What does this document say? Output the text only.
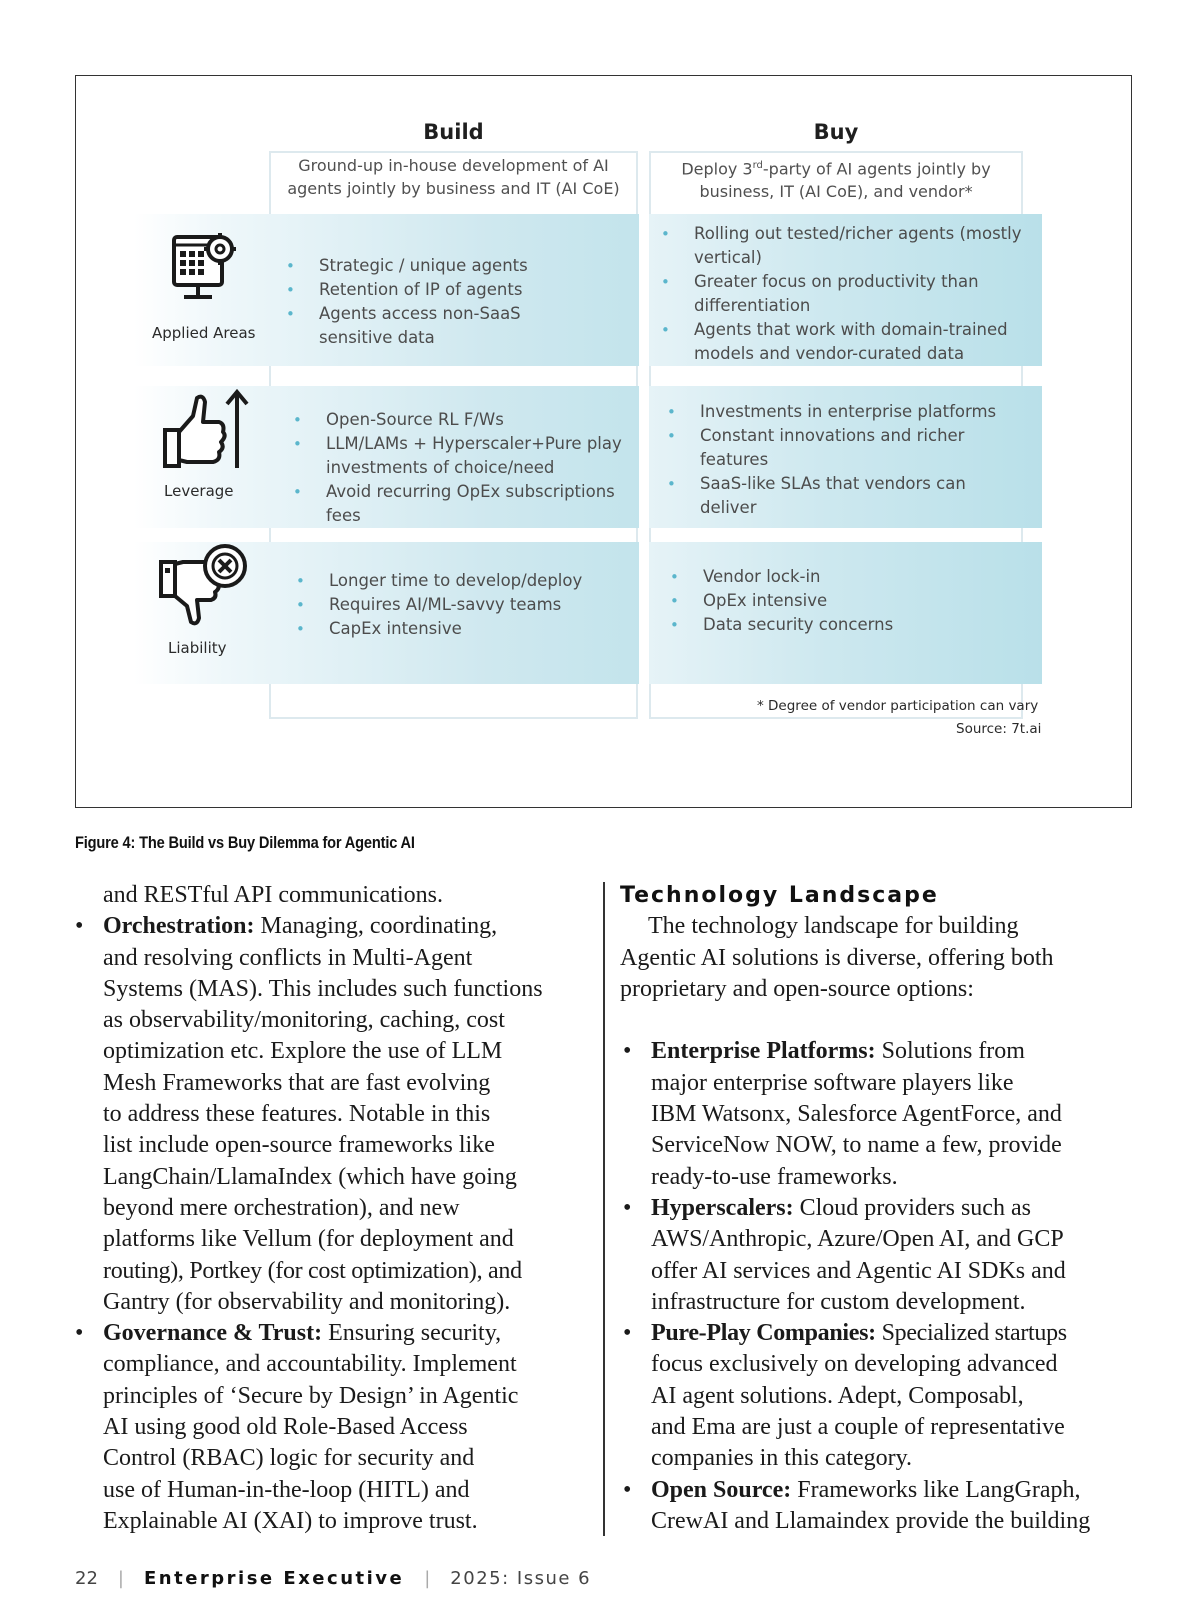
Build	Buy
Ground-up in-house development of AI
agents jointly by business and IT (AI CoE)
Deploy 3rd-party of AI agents jointly by
business, IT (AI CoE), and vendor*
Applied Areas
Leverage
Liability
• Strategic / unique agents
• Retention of IP of agents
• Agents access non-SaaS
sensitive data
• Rolling out tested/richer agents (mostly
vertical)
• Greater focus on productivity than
differentiation
• Agents that work with domain-trained
models and vendor-curated data
• Open-Source RL F/Ws
• LLM/LAMs + Hyperscaler+Pure play
investments of choice/need
• Avoid recurring OpEx subscriptions
fees
• Investments in enterprise platforms
• Constant innovations and richer
features
• SaaS-like SLAs that vendors can
deliver
• Longer time to develop/deploy
• Requires AI/ML-savvy teams
• CapEx intensive
• Vendor lock-in
• OpEx intensive
• Data security concerns
* Degree of vendor participation can vary
Source: 7t.ai
Figure 4: The Build vs Buy Dilemma for Agentic AI
and RESTful API communications.
• Orchestration: Managing, coordinating,
and resolving conflicts in Multi-Agent
Systems (MAS). This includes such functions
as observability/monitoring, caching, cost
optimization etc. Explore the use of LLM
Mesh Frameworks that are fast evolving
to address these features. Notable in this
list include open-source frameworks like
LangChain/LlamaIndex (which have going
beyond mere orchestration), and new
platforms like Vellum (for deployment and
routing), Portkey (for cost optimization), and
Gantry (for observability and monitoring).
• Governance & Trust: Ensuring security,
compliance, and accountability. Implement
principles of ‘Secure by Design’ in Agentic
AI using good old Role-Based Access
Control (RBAC) logic for security and
use of Human-in-the-loop (HITL) and
Explainable AI (XAI) to improve trust.
Technology Landscape
The technology landscape for building
Agentic AI solutions is diverse, offering both
proprietary and open-source options:
• Enterprise Platforms: Solutions from
major enterprise software players like
IBM Watsonx, Salesforce AgentForce, and
ServiceNow NOW, to name a few, provide
ready-to-use frameworks.
• Hyperscalers: Cloud providers such as
AWS/Anthropic, Azure/Open AI, and GCP
offer AI services and Agentic AI SDKs and
infrastructure for custom development.
• Pure-Play Companies: Specialized startups
focus exclusively on developing advanced
AI agent solutions. Adept, Composabl,
and Ema are just a couple of representative
companies in this category.
• Open Source: Frameworks like LangGraph,
CrewAI and Llamaindex provide the building
22 | Enterprise Executive | 2025: Issue 6
